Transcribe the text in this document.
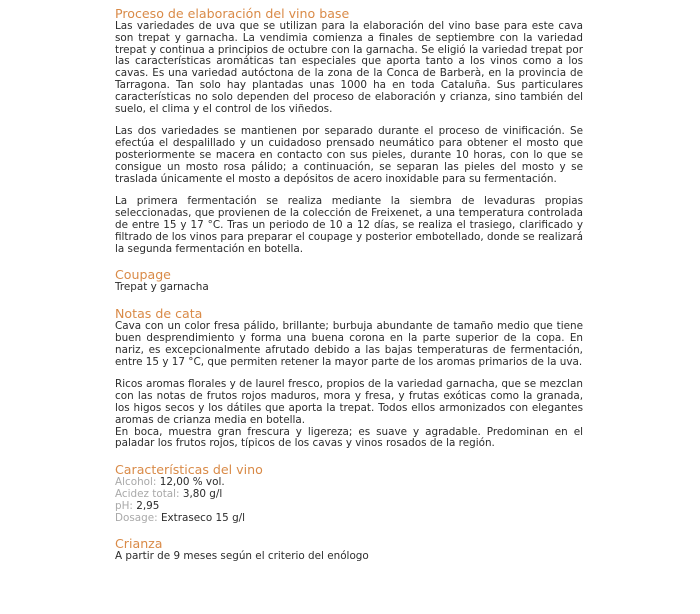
Proceso de elaboración del vino base

Las variedades de uva que se utilizan para la elaboración del vino base para este cava son trepat y garnacha. La vendimia comienza a finales de septiembre con la variedad trepat y continua a principios de octubre con la garnacha. Se eligió la variedad trepat por las características aromáticas tan especiales que aporta tanto a los vinos como a los cavas. Es una variedad autóctona de la zona de la Conca de Barberà, en la provincia de Tarragona. Tan solo hay plantadas unas 1000 ha en toda Cataluña. Sus particulares características no solo dependen del proceso de elaboración y crianza, sino también del suelo, el clima y el control de los viñedos.

Las dos variedades se mantienen por separado durante el proceso de vinificación. Se efectúa el despalillado y un cuidadoso prensado neumático para obtener el mosto que posteriormente se macera en contacto con sus pieles, durante 10 horas, con lo que se consigue un mosto rosa pálido; a continuación, se separan las pieles del mosto y se traslada únicamente el mosto a depósitos de acero inoxidable para su fermentación.

La primera fermentación se realiza mediante la siembra de levaduras propias seleccionadas, que provienen de la colección de Freixenet, a una temperatura controlada de entre 15 y 17 °C. Tras un periodo de 10 a 12 días, se realiza el trasiego, clarificado y filtrado de los vinos para preparar el coupage y posterior embotellado, donde se realizará la segunda fermentación en botella.

Coupage

Trepat y garnacha

Notas de cata

Cava con un color fresa pálido, brillante; burbuja abundante de tamaño medio que tiene buen desprendimiento y forma una buena corona en la parte superior de la copa. En nariz, es excepcionalmente afrutado debido a las bajas temperaturas de fermentación, entre 15 y 17 °C, que permiten retener la mayor parte de los aromas primarios de la uva.

Ricos aromas florales y de laurel fresco, propios de la variedad garnacha, que se mezclan con las notas de frutos rojos maduros, mora y fresa, y frutas exóticas como la granada, los higos secos y los dátiles que aporta la trepat. Todos ellos armonizados con elegantes aromas de crianza media en botella.

En boca, muestra gran frescura y ligereza; es suave y agradable. Predominan en el paladar los frutos rojos, típicos de los cavas y vinos rosados de la región.

Características del vino
Alcohol: 12,00 % vol.
Acidez total: 3,80 g/l
pH: 2,95
Dosage: Extraseco 15 g/l
Crianza

A partir de 9 meses según el criterio del enólogo
